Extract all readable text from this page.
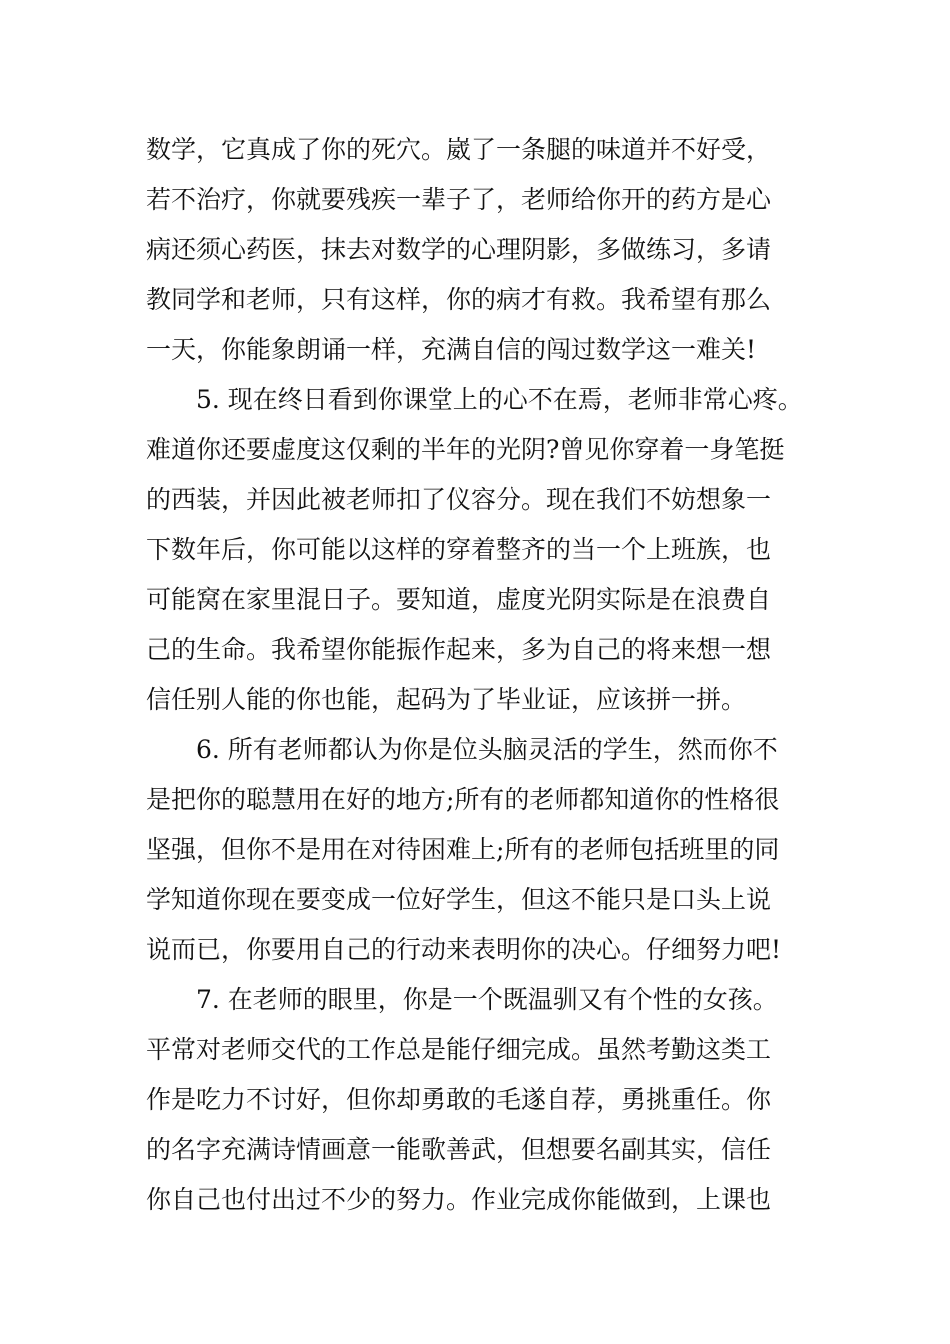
数学，它真成了你的死穴。崴了一条腿的味道并不好受，
若不治疗，你就要残疾一辈子了，老师给你开的药方是心
病还须心药医，抹去对数学的心理阴影，多做练习，多请
教同学和老师，只有这样，你的病才有救。我希望有那么
一天，你能象朗诵一样，充满自信的闯过数学这一难关!
5. 现在终日看到你课堂上的心不在焉，老师非常心疼。
难道你还要虚度这仅剩的半年的光阴?曾见你穿着一身笔挺
的西装，并因此被老师扣了仪容分。现在我们不妨想象一
下数年后，你可能以这样的穿着整齐的当一个上班族，也
可能窝在家里混日子。要知道，虚度光阴实际是在浪费自
己的生命。我希望你能振作起来，多为自己的将来想一想
信任别人能的你也能，起码为了毕业证，应该拼一拼。
6. 所有老师都认为你是位头脑灵活的学生，然而你不
是把你的聪慧用在好的地方;所有的老师都知道你的性格很
坚强，但你不是用在对待困难上;所有的老师包括班里的同
学知道你现在要变成一位好学生，但这不能只是口头上说
说而已，你要用自己的行动来表明你的决心。仔细努力吧!
7. 在老师的眼里，你是一个既温驯又有个性的女孩。
平常对老师交代的工作总是能仔细完成。虽然考勤这类工
作是吃力不讨好，但你却勇敢的毛遂自荐，勇挑重任。你
的名字充满诗情画意一能歌善武，但想要名副其实，信任
你自己也付出过不少的努力。作业完成你能做到，上课也
